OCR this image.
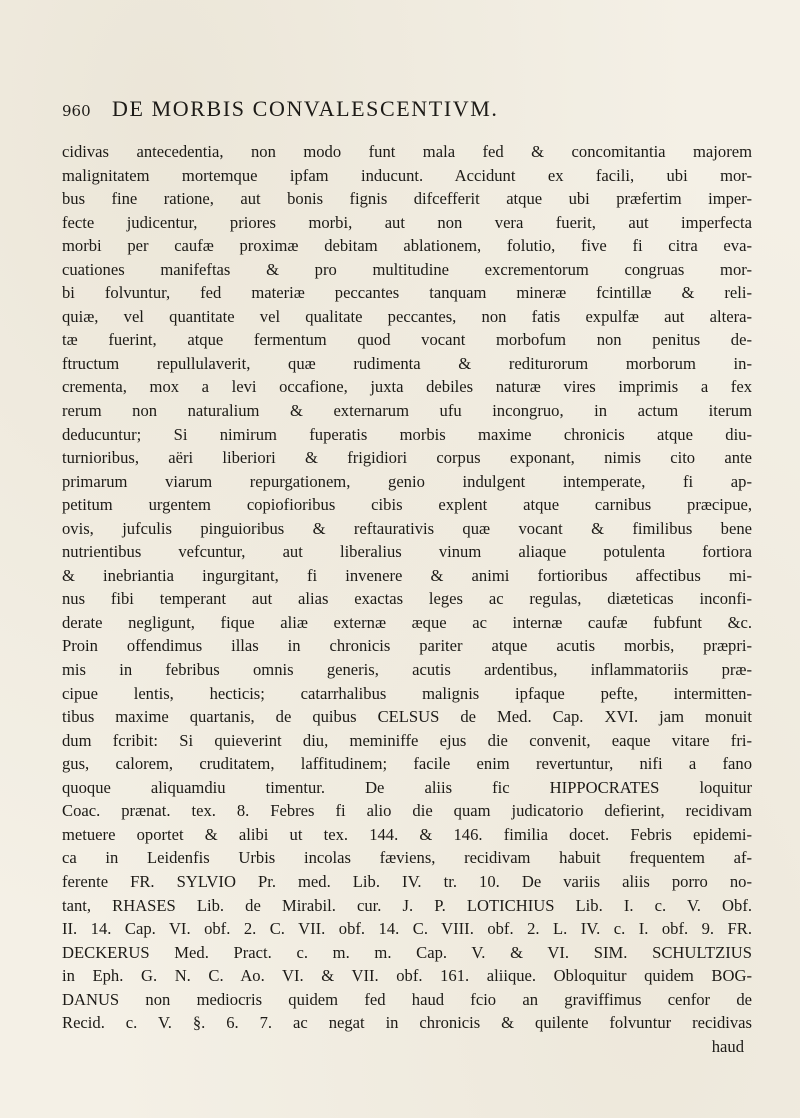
960 DE MORBIS CONVALESCENTIVM.
cidivas antecedentia, non modo funt mala fed & concomitantia majorem
malignitatem mortemque ipfam inducunt. Accidunt ex facili, ubi mor-
bus fine ratione, aut bonis fignis difcefferit atque ubi præfertim imper-
fecte judicentur, priores morbi, aut non vera fuerit, aut imperfecta
morbi per caufæ proximæ debitam ablationem, folutio, five fi citra eva-
cuationes manifeftas & pro multitudine excrementorum congruas mor-
bi folvuntur, fed materiæ peccantes tanquam mineræ fcintillæ & reli-
quiæ, vel quantitate vel qualitate peccantes, non fatis expulfæ aut altera-
tæ fuerint, atque fermentum quod vocant morbofum non penitus de-
ftructum repullulaverit, quæ rudimenta & rediturorum morborum in-
crementa, mox a levi occafione, juxta debiles naturæ vires imprimis a fex
rerum non naturalium & externarum ufu incongruo, in actum iterum
deducuntur; Si nimirum fuperatis morbis maxime chronicis atque diu-
turnioribus, aëri liberiori & frigidiori corpus exponant, nimis cito ante
primarum viarum repurgationem, genio indulgent intemperate, fi ap-
petitum urgentem copiofioribus cibis explent atque carnibus præcipue,
ovis, jufculis pinguioribus & reftaurativis quæ vocant & fimilibus bene
nutrientibus vefcuntur, aut liberalius vinum aliaque potulenta fortiora
& inebriantia ingurgitant, fi invenere & animi fortioribus affectibus mi-
nus fibi temperant aut alias exactas leges ac regulas, diæteticas inconfi-
derate negligunt, fique aliæ externæ æque ac internæ caufæ fubfunt &c.
Proin offendimus illas in chronicis pariter atque acutis morbis, præpri-
mis in febribus omnis generis, acutis ardentibus, inflammatoriis præ-
cipue lentis, hecticis; catarrhalibus malignis ipfaque pefte, intermitten-
tibus maxime quartanis, de quibus CELSUS de Med. Cap. XVI. jam monuit
dum fcribit: Si quieverint diu, meminiffe ejus die convenit, eaque vitare fri-
gus, calorem, cruditatem, laffitudinem; facile enim revertuntur, nifi a fano
quoque aliquamdiu timentur. De aliis fic HIPPOCRATES loquitur
Coac. prænat. tex. 8. Febres fi alio die quam judicatorio defierint, recidivam
metuere oportet & alibi ut tex. 144. & 146. fimilia docet. Febris epidemi-
ca in Leidenfis Urbis incolas fæviens, recidivam habuit frequentem af-
ferente FR. SYLVIO Pr. med. Lib. IV. tr. 10. De variis aliis porro no-
tant, RHASES Lib. de Mirabil. cur. J. P. LOTICHIUS Lib. I. c. V. Obf.
II. 14. Cap. VI. obf. 2. C. VII. obf. 14. C. VIII. obf. 2. L. IV. c. I. obf. 9. FR.
DECKERUS Med. Pract. c. m. m. Cap. V. & VI. SIM. SCHULTZIUS
in Eph. G. N. C. Ao. VI. & VII. obf. 161. aliique. Obloquitur quidem BOG-
DANUS non mediocris quidem fed haud fcio an graviffimus cenfor de
Recid. c. V. §. 6. 7. ac negat in chronicis & quilente folvuntur recidivas
haud
